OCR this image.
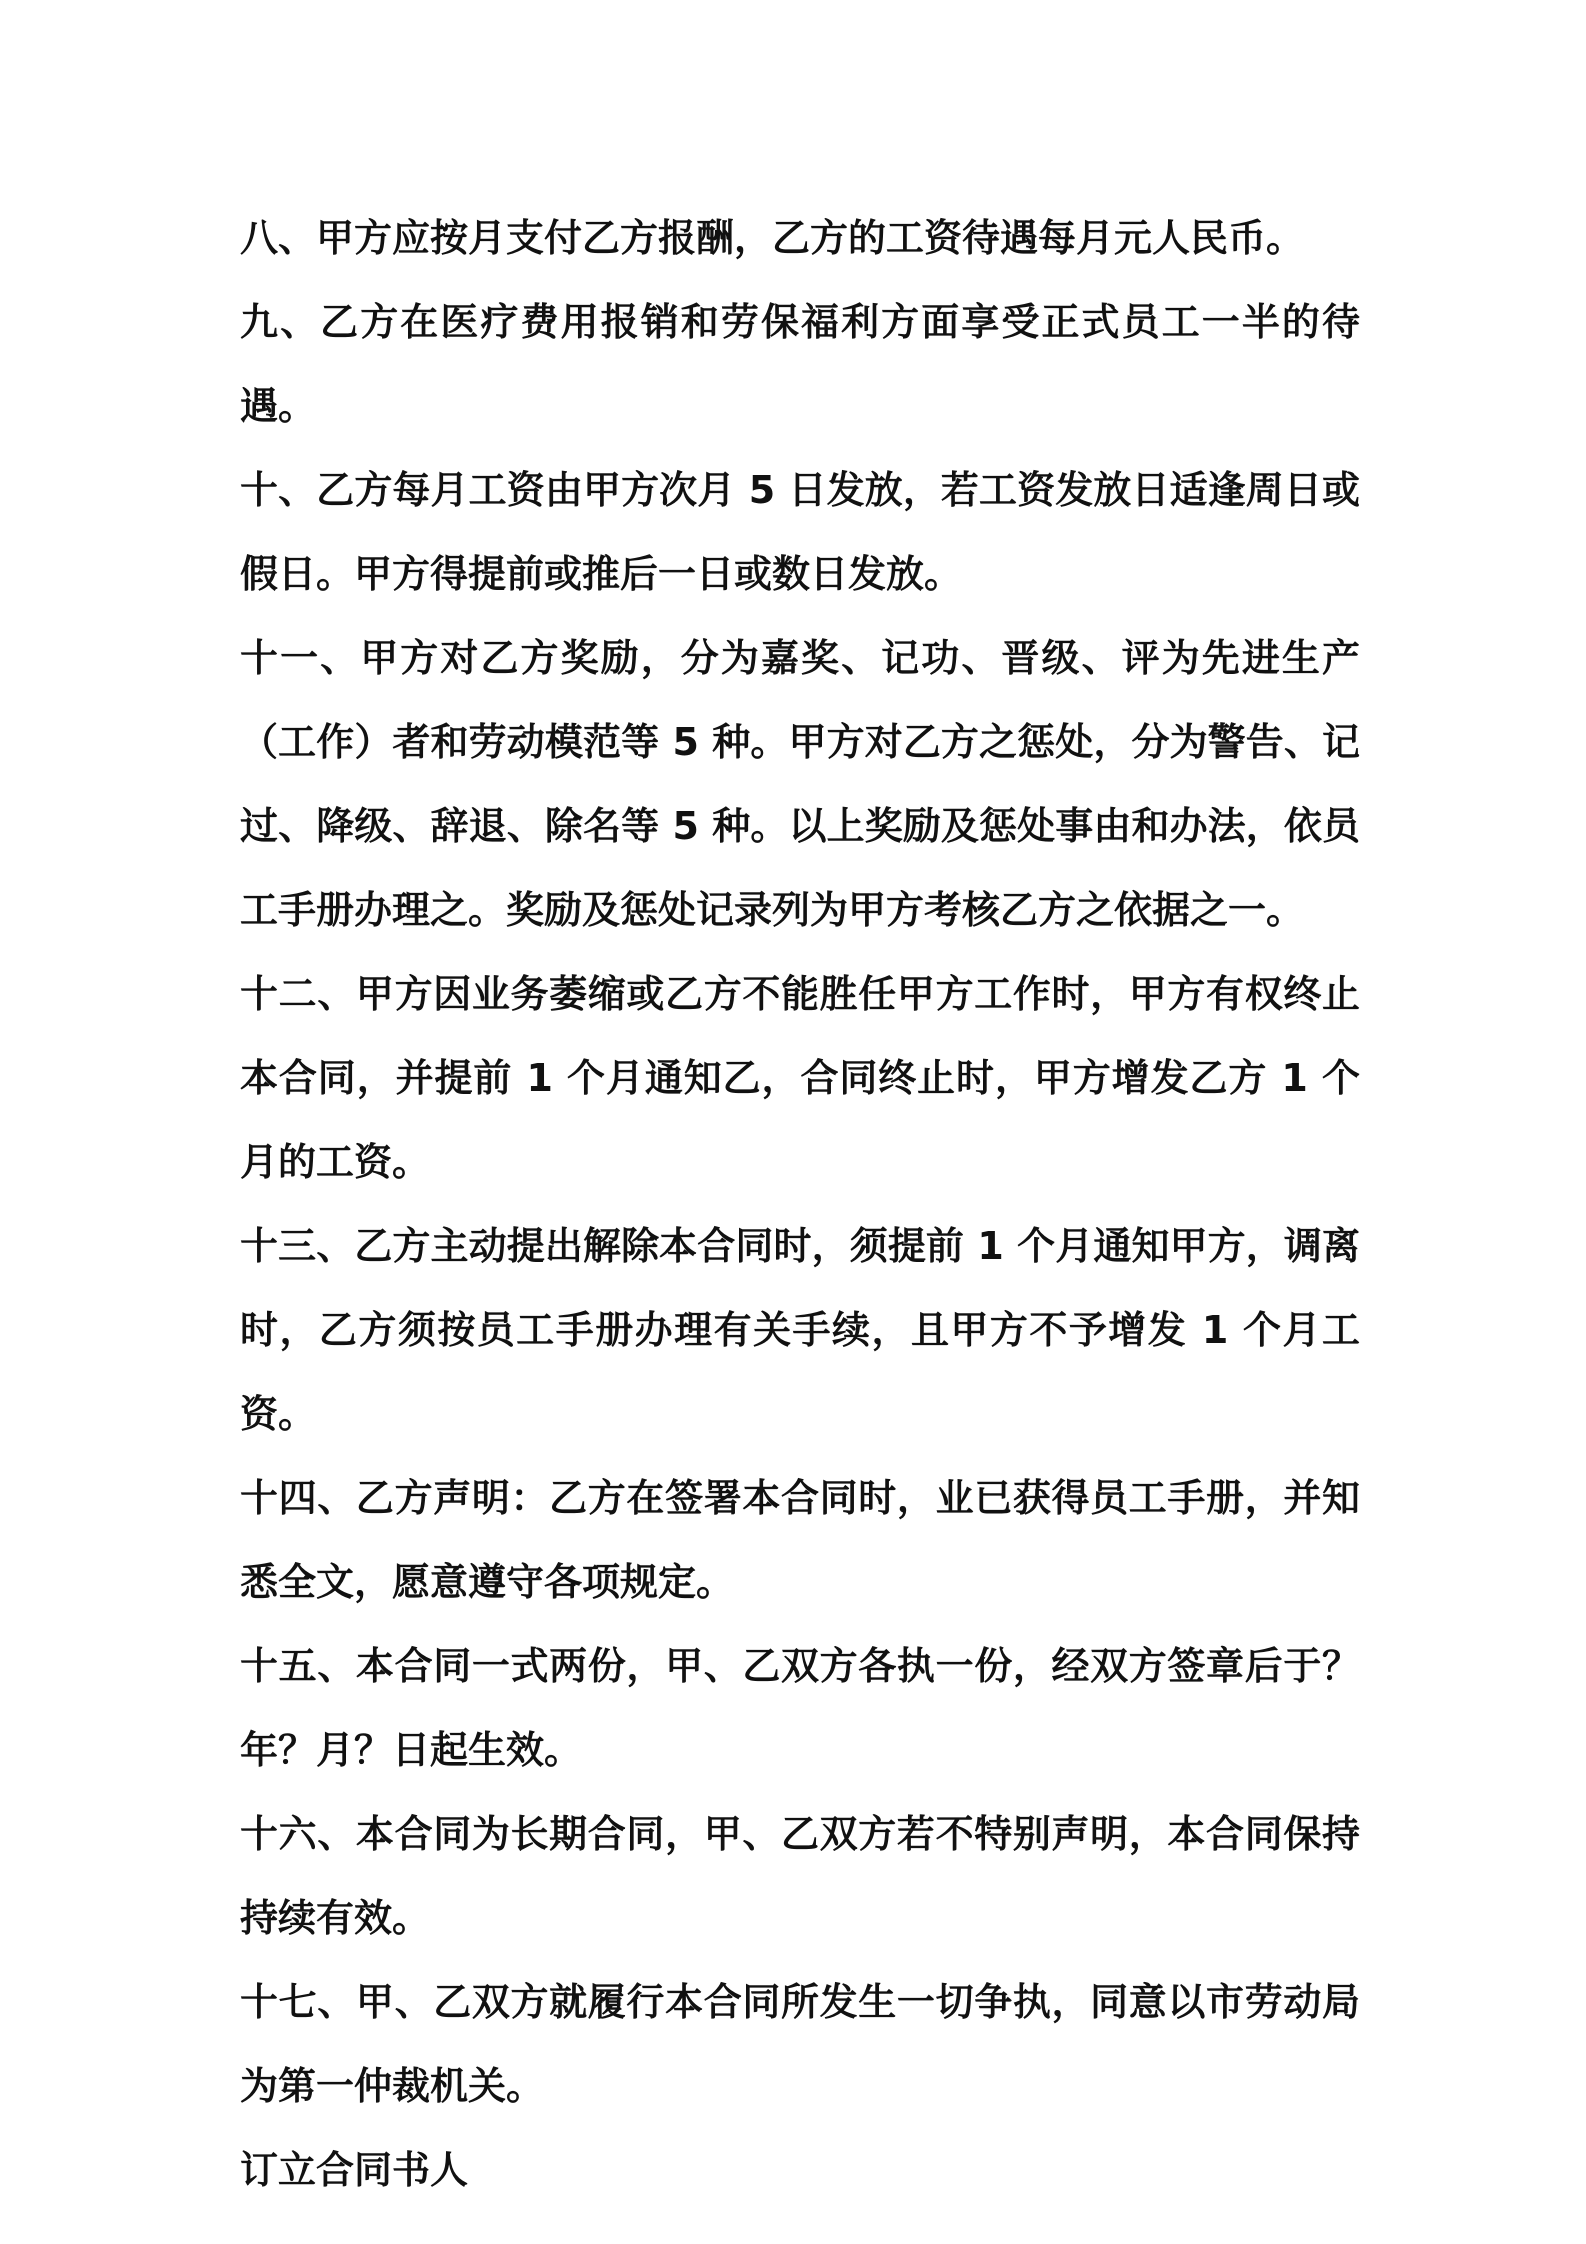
八、甲方应按月支付乙方报酬，乙方的工资待遇每月元人民币。

九、乙方在医疗费用报销和劳保福利方面享受正式员工一半的待遇。

十、乙方每月工资由甲方次月 5 日发放，若工资发放日适逢周日或假日。甲方得提前或推后一日或数日发放。

十一、甲方对乙方奖励，分为嘉奖、记功、晋级、评为先进生产（工作）者和劳动模范等 5 种。甲方对乙方之惩处，分为警告、记过、降级、辞退、除名等 5 种。以上奖励及惩处事由和办法，依员工手册办理之。奖励及惩处记录列为甲方考核乙方之依据之一。

十二、甲方因业务萎缩或乙方不能胜任甲方工作时，甲方有权终止本合同，并提前 1 个月通知乙，合同终止时，甲方增发乙方 1 个月的工资。

十三、乙方主动提出解除本合同时，须提前 1 个月通知甲方，调离时，乙方须按员工手册办理有关手续，且甲方不予增发 1 个月工资。

十四、乙方声明：乙方在签署本合同时，业已获得员工手册，并知悉全文，愿意遵守各项规定。

十五、本合同一式两份，甲、乙双方各执一份，经双方签章后于？年？月？日起生效。

十六、本合同为长期合同，甲、乙双方若不特别声明，本合同保持持续有效。

十七、甲、乙双方就履行本合同所发生一切争执，同意以市劳动局为第一仲裁机关。

订立合同书人
